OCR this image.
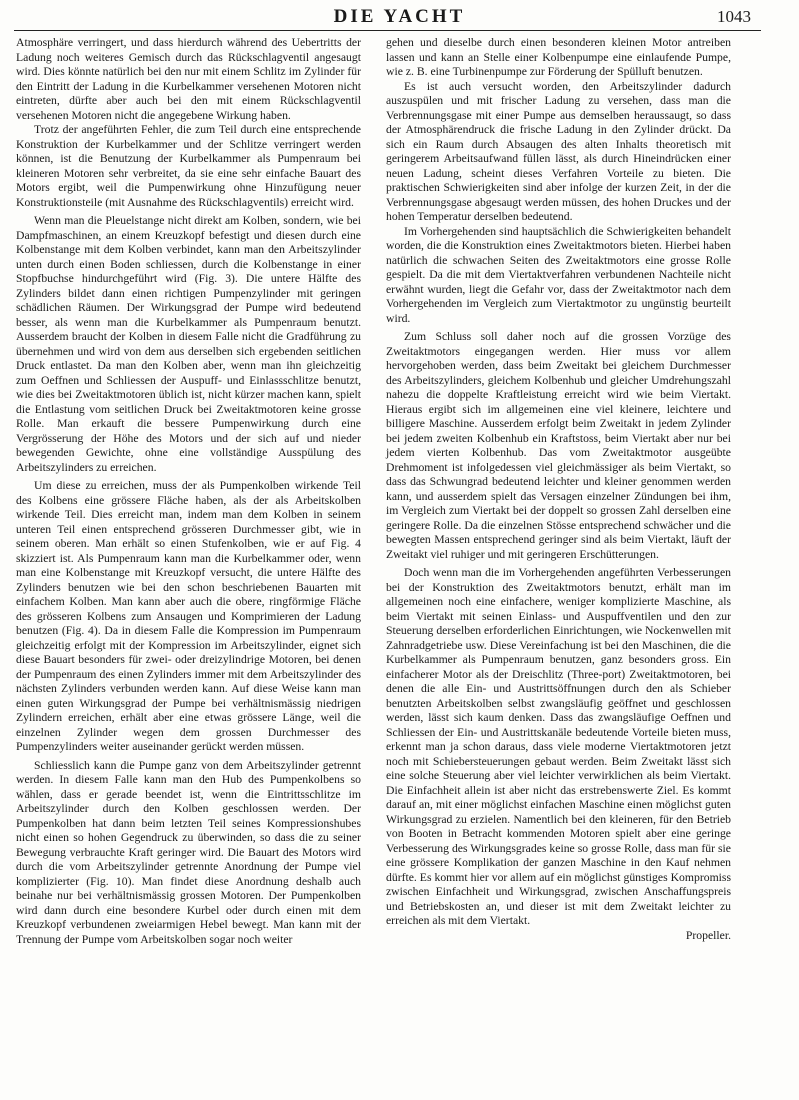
DIE YACHT	1043

Atmosphäre verringert, und dass hierdurch während des Uebertritts der Ladung noch weiteres Gemisch durch das Rückschlagventil angesaugt wird. Dies könnte natürlich bei den nur mit einem Schlitz im Zylinder für den Eintritt der Ladung in die Kurbelkammer versehenen Motoren nicht eintreten, dürfte aber auch bei den mit einem Rückschlagventil versehenen Motoren nicht die angegebene Wirkung haben.

Trotz der angeführten Fehler, die zum Teil durch eine entsprechende Konstruktion der Kurbelkammer und der Schlitze verringert werden können, ist die Benutzung der Kurbelkammer als Pumpenraum bei kleineren Motoren sehr verbreitet, da sie eine sehr einfache Bauart des Motors ergibt, weil die Pumpenwirkung ohne Hinzufügung neuer Konstruktionsteile (mit Ausnahme des Rückschlagventils) erreicht wird.

Wenn man die Pleuelstange nicht direkt am Kolben, sondern, wie bei Dampfmaschinen, an einem Kreuzkopf befestigt und diesen durch eine Kolbenstange mit dem Kolben verbindet, kann man den Arbeitszylinder unten durch einen Boden schliessen, durch die Kolbenstange in einer Stopfbuchse hindurchgeführt wird (Fig. 3). Die untere Hälfte des Zylinders bildet dann einen richtigen Pumpenzylinder mit geringen schädlichen Räumen. Der Wirkungsgrad der Pumpe wird bedeutend besser, als wenn man die Kurbelkammer als Pumpenraum benutzt. Ausserdem braucht der Kolben in diesem Falle nicht die Gradführung zu übernehmen und wird von dem aus derselben sich ergebenden seitlichen Druck entlastet. Da man den Kolben aber, wenn man ihn gleichzeitig zum Oeffnen und Schliessen der Auspuff- und Einlassschlitze benutzt, wie dies bei Zweitaktmotoren üblich ist, nicht kürzer machen kann, spielt die Entlastung vom seitlichen Druck bei Zweitaktmotoren keine grosse Rolle. Man erkauft die bessere Pumpenwirkung durch eine Vergrösserung der Höhe des Motors und der sich auf und nieder bewegenden Gewichte, ohne eine vollständige Ausspülung des Arbeitszylinders zu erreichen.

Um diese zu erreichen, muss der als Pumpenkolben wirkende Teil des Kolbens eine grössere Fläche haben, als der als Arbeitskolben wirkende Teil. Dies erreicht man, indem man dem Kolben in seinem unteren Teil einen entsprechend grösseren Durchmesser gibt, wie in seinem oberen. Man erhält so einen Stufenkolben, wie er auf Fig. 4 skizziert ist. Als Pumpenraum kann man die Kurbelkammer oder, wenn man eine Kolbenstange mit Kreuzkopf versucht, die untere Hälfte des Zylinders benutzen wie bei den schon beschriebenen Bauarten mit einfachem Kolben. Man kann aber auch die obere, ringförmige Fläche des grösseren Kolbens zum Ansaugen und Komprimieren der Ladung benutzen (Fig. 4). Da in diesem Falle die Kompression im Pumpenraum gleichzeitig erfolgt mit der Kompression im Arbeitszylinder, eignet sich diese Bauart besonders für zwei- oder dreizylindrige Motoren, bei denen der Pumpenraum des einen Zylinders immer mit dem Arbeitszylinder des nächsten Zylinders verbunden werden kann. Auf diese Weise kann man einen guten Wirkungsgrad der Pumpe bei verhältnismässig niedrigen Zylindern erreichen, erhält aber eine etwas grössere Länge, weil die einzelnen Zylinder wegen dem grossen Durchmesser des Pumpenzylinders weiter auseinander gerückt werden müssen.

Schliesslich kann die Pumpe ganz von dem Arbeitszylinder getrennt werden. In diesem Falle kann man den Hub des Pumpenkolbens so wählen, dass er gerade beendet ist, wenn die Eintrittsschlitze im Arbeitszylinder durch den Kolben geschlossen werden. Der Pumpenkolben hat dann beim letzten Teil seines Kompressionshubes nicht einen so hohen Gegendruck zu überwinden, so dass die zu seiner Bewegung verbrauchte Kraft geringer wird. Die Bauart des Motors wird durch die vom Arbeitszylinder getrennte Anordnung der Pumpe viel komplizierter (Fig. 10). Man findet diese Anordnung deshalb auch beinahe nur bei verhältnismässig grossen Motoren. Der Pumpenkolben wird dann durch eine besondere Kurbel oder durch einen mit dem Kreuzkopf verbundenen zweiarmigen Hebel bewegt. Man kann mit der Trennung der Pumpe vom Arbeitskolben sogar noch weiter

gehen und dieselbe durch einen besonderen kleinen Motor antreiben lassen und kann an Stelle einer Kolbenpumpe eine einlaufende Pumpe, wie z. B. eine Turbinenpumpe zur Förderung der Spülluft benutzen.

Es ist auch versucht worden, den Arbeitszylinder dadurch auszuspülen und mit frischer Ladung zu versehen, dass man die Verbrennungsgase mit einer Pumpe aus demselben heraussaugt, so dass der Atmosphärendruck die frische Ladung in den Zylinder drückt. Da sich ein Raum durch Absaugen des alten Inhalts theoretisch mit geringerem Arbeitsaufwand füllen lässt, als durch Hineindrücken einer neuen Ladung, scheint dieses Verfahren Vorteile zu bieten. Die praktischen Schwierigkeiten sind aber infolge der kurzen Zeit, in der die Verbrennungsgase abgesaugt werden müssen, des hohen Druckes und der hohen Temperatur derselben bedeutend.

Im Vorhergehenden sind hauptsächlich die Schwierigkeiten behandelt worden, die die Konstruktion eines Zweitaktmotors bieten. Hierbei haben natürlich die schwachen Seiten des Zweitaktmotors eine grosse Rolle gespielt. Da die mit dem Viertaktverfahren verbundenen Nachteile nicht erwähnt wurden, liegt die Gefahr vor, dass der Zweitaktmotor nach dem Vorhergehenden im Vergleich zum Viertaktmotor zu ungünstig beurteilt wird.

Zum Schluss soll daher noch auf die grossen Vorzüge des Zweitaktmotors eingegangen werden. Hier muss vor allem hervorgehoben werden, dass beim Zweitakt bei gleichem Durchmesser des Arbeitszylinders, gleichem Kolbenhub und gleicher Umdrehungszahl nahezu die doppelte Kraftleistung erreicht wird wie beim Viertakt. Hieraus ergibt sich im allgemeinen eine viel kleinere, leichtere und billigere Maschine. Ausserdem erfolgt beim Zweitakt in jedem Zylinder bei jedem zweiten Kolbenhub ein Kraftstoss, beim Viertakt aber nur bei jedem vierten Kolbenhub. Das vom Zweitaktmotor ausgeübte Drehmoment ist infolgedessen viel gleichmässiger als beim Viertakt, so dass das Schwungrad bedeutend leichter und kleiner genommen werden kann, und ausserdem spielt das Versagen einzelner Zündungen bei ihm, im Vergleich zum Viertakt bei der doppelt so grossen Zahl derselben eine geringere Rolle. Da die einzelnen Stösse entsprechend schwächer und die bewegten Massen entsprechend geringer sind als beim Viertakt, läuft der Zweitakt viel ruhiger und mit geringeren Erschütterungen.

Doch wenn man die im Vorhergehenden angeführten Verbesserungen bei der Konstruktion des Zweitaktmotors benutzt, erhält man im allgemeinen noch eine einfachere, weniger komplizierte Maschine, als beim Viertakt mit seinen Einlass- und Auspuffventilen und den zur Steuerung derselben erforderlichen Einrichtungen, wie Nockenwellen mit Zahnradgetriebe usw. Diese Vereinfachung ist bei den Maschinen, die die Kurbelkammer als Pumpenraum benutzen, ganz besonders gross. Ein einfacherer Motor als der Dreischlitz (Three-port) Zweitaktmotoren, bei denen die alle Ein- und Austrittsöffnungen durch den als Schieber benutzten Arbeitskolben selbst zwangsläufig geöffnet und geschlossen werden, lässt sich kaum denken. Dass das zwangsläufige Oeffnen und Schliessen der Ein- und Austrittskanäle bedeutende Vorteile bieten muss, erkennt man ja schon daraus, dass viele moderne Viertaktmotoren jetzt noch mit Schiebersteuerungen gebaut werden. Beim Zweitakt lässt sich eine solche Steuerung aber viel leichter verwirklichen als beim Viertakt. Die Einfachheit allein ist aber nicht das erstrebenswerte Ziel. Es kommt darauf an, mit einer möglichst einfachen Maschine einen möglichst guten Wirkungsgrad zu erzielen. Namentlich bei den kleineren, für den Betrieb von Booten in Betracht kommenden Motoren spielt aber eine geringe Verbesserung des Wirkungsgrades keine so grosse Rolle, dass man für sie eine grössere Komplikation der ganzen Maschine in den Kauf nehmen dürfte. Es kommt hier vor allem auf ein möglichst günstiges Kompromiss zwischen Einfachheit und Wirkungsgrad, zwischen Anschaffungspreis und Betriebskosten an, und dieser ist mit dem Zweitakt leichter zu erreichen als mit dem Viertakt.

Propeller.
